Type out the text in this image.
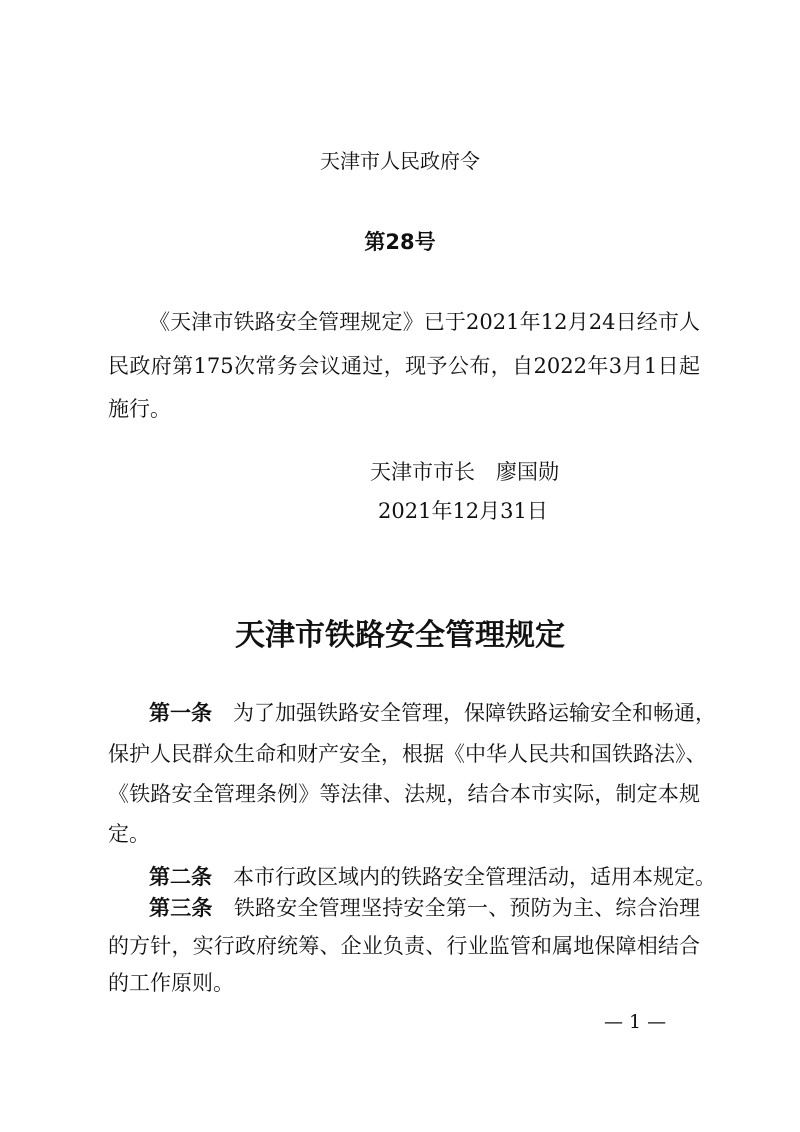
天津市人民政府令
第28号
《天津市铁路安全管理规定》已于2021年12月24日经市人
民政府第175次常务会议通过，现予公布，自2022年3月1日起
施行。
天津市市长　廖国勋
2021年12月31日
天津市铁路安全管理规定
第一条　 为了加强铁路安全管理，保障铁路运输安全和畅通，
保护人民群众生命和财产安全，根据《中华人民共和国铁路法》、
《铁路安全管理条例》等法律、法规，结合本市实际，制定本规
定。
第二条　 本市行政区域内的铁路安全管理活动，适用本规定。
第三条　 铁路安全管理坚持安全第一、预防为主、综合治理
的方针，实行政府统筹、企业负责、行业监管和属地保障相结合
的工作原则。
— 1 —
